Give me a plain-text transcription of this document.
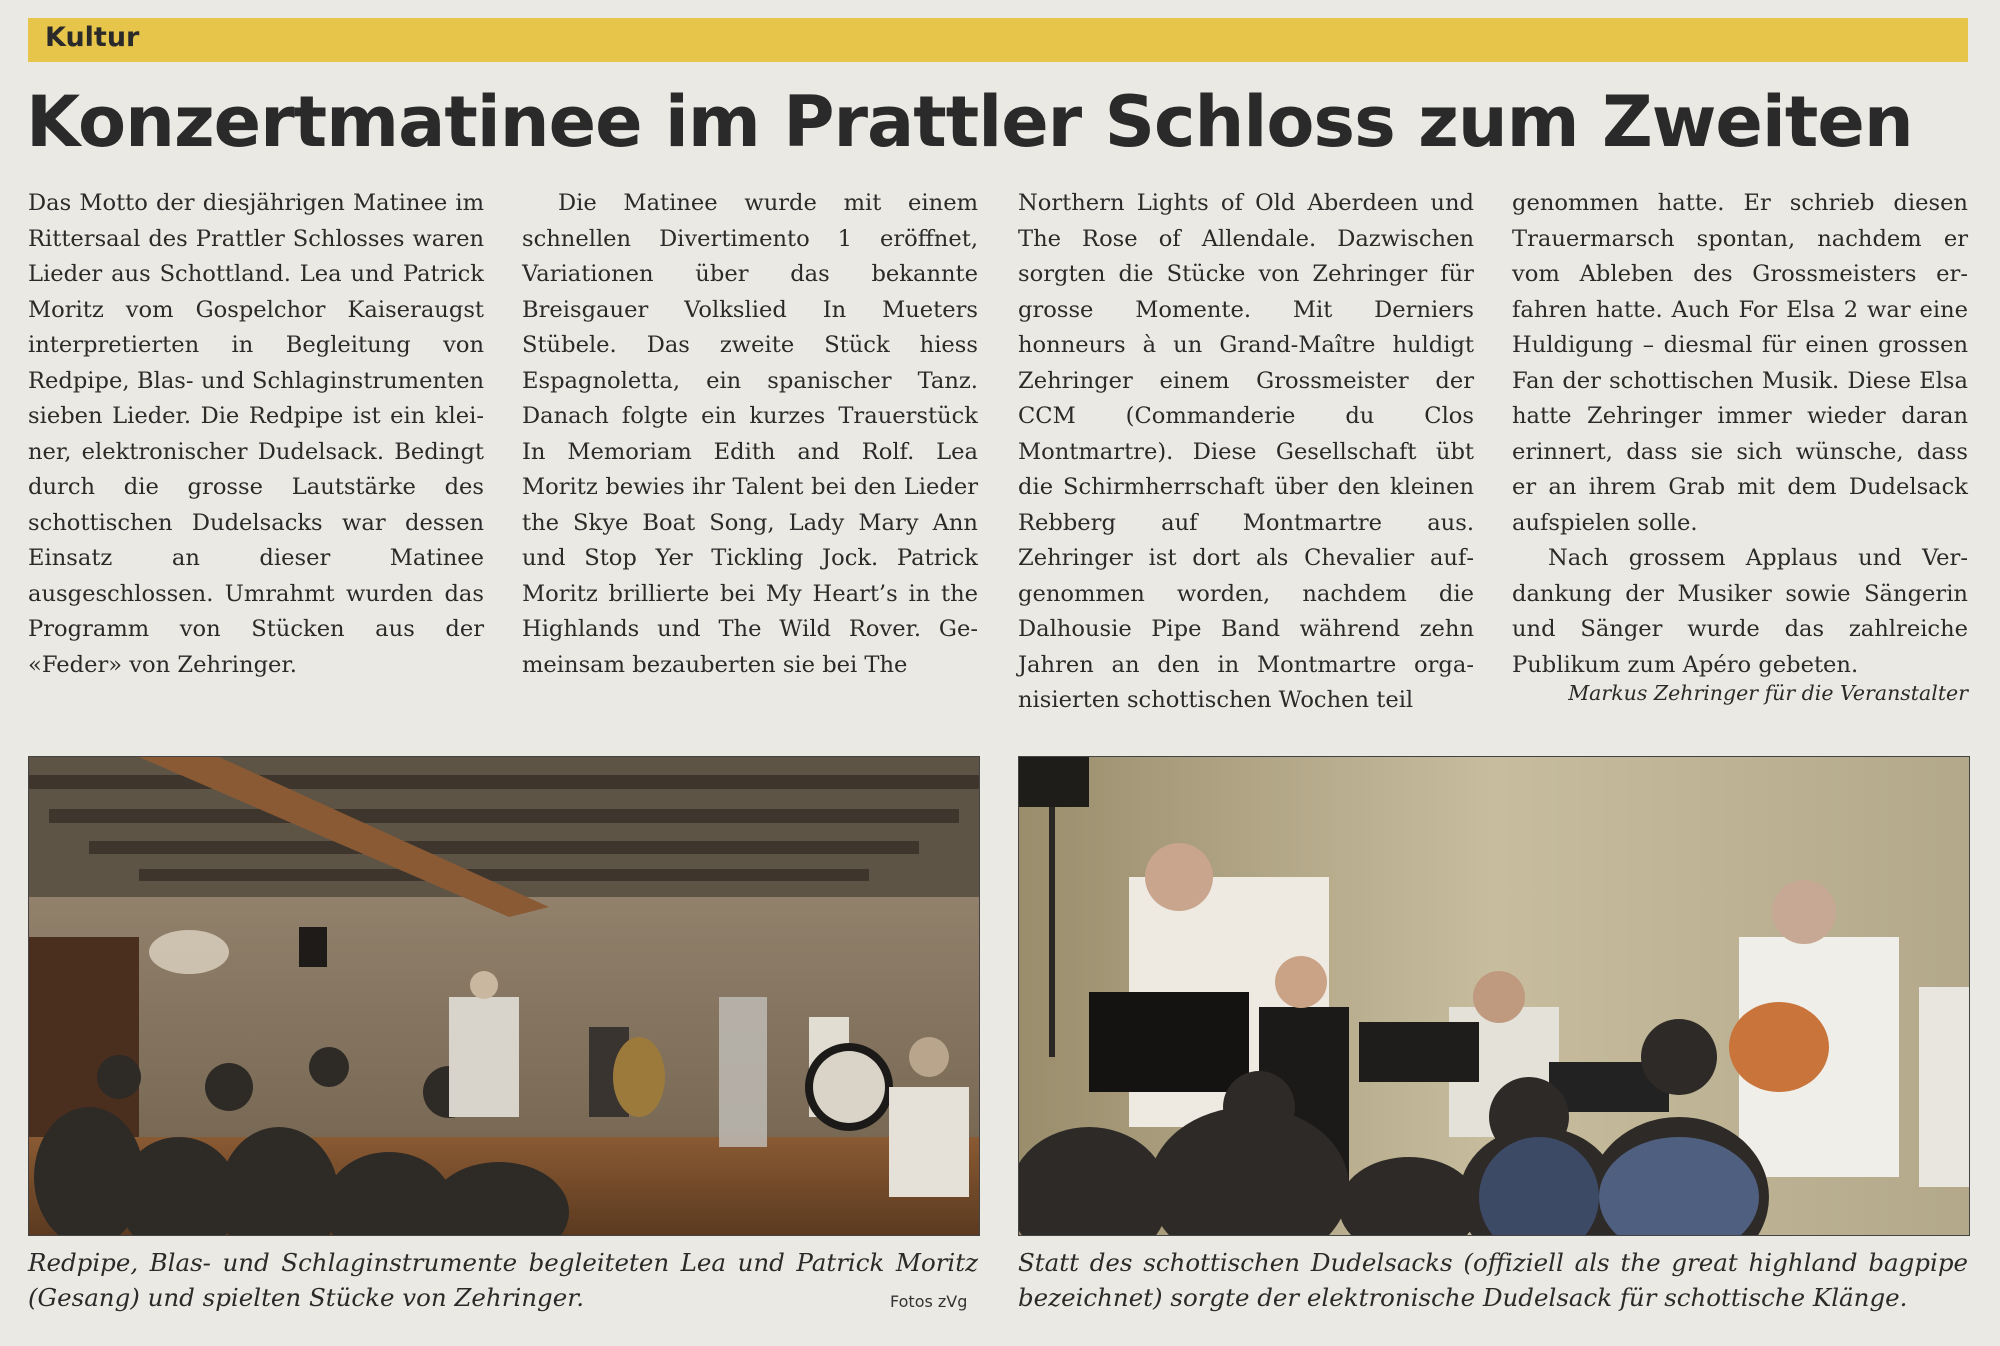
Kultur
Konzertmatinee im Prattler Schloss zum Zweiten

Das Motto der diesjährigen Matinee im Rittersaal des Prattler Schlosses waren Lieder aus Schottland. Lea und Patrick Moritz vom Gospelchor Kaiseraugst interpretierten in Begleitung von Redpipe, Blas- und Schlaginstrumenten sieben Lieder. Die Redpipe ist ein kleiner, elektronischer Dudelsack. Bedingt durch die grosse Lautstärke des schottischen Dudelsacks war dessen Einsatz an dieser Matinee ausgeschlossen. Umrahmt wurden das Programm von Stücken aus der «Feder» von Zehringer.

Die Matinee wurde mit einem schnellen Divertimento 1 eröffnet, Variationen über das bekannte Breisgauer Volkslied In Mueters Stübele. Das zweite Stück hiess Espagnoletta, ein spanischer Tanz. Danach folgte ein kurzes Trauerstück In Memoriam Edith and Rolf. Lea Moritz bewies ihr Talent bei den Lieder the Skye Boat Song, Lady Mary Ann und Stop Yer Tickling Jock. Patrick Moritz brillierte bei My Heart’s in the Highlands und The Wild Rover. Gemeinsam bezauberten sie bei The

Northern Lights of Old Aberdeen und The Rose of Allendale. Dazwischen sorgten die Stücke von Zehringer für grosse Momente. Mit Derniers honneurs à un Grand-Maître huldigt Zehringer einem Grossmeister der CCM (Commanderie du Clos Montmartre). Diese Gesellschaft übt die Schirmherrschaft über den kleinen Rebberg auf Montmartre aus. Zehringer ist dort als Chevalier aufgenommen worden, nachdem die Dalhousie Pipe Band während zehn Jahren an den in Montmartre organisierten schottischen Wochen teil

genommen hatte. Er schrieb diesen Trauermarsch spontan, nachdem er vom Ableben des Grossmeisters erfahren hatte. Auch For Elsa 2 war eine Huldigung – diesmal für einen grossen Fan der schottischen Musik. Diese Elsa hatte Zehringer immer wieder daran erinnert, dass sie sich wünsche, dass er an ihrem Grab mit dem Dudelsack aufspielen solle.

Nach grossem Applaus und Verdankung der Musiker sowie Sängerin und Sänger wurde das zahlreiche Publikum zum Apéro gebeten.

Markus Zehringer für die Veranstalter
Redpipe, Blas- und Schlaginstrumente begleiteten Lea und Patrick Moritz (Gesang) und spielten Stücke von Zehringer.	Fotos zVg
Statt des schottischen Dudelsacks (offiziell als the great highland bagpipe bezeichnet) sorgte der elektronische Dudelsack für schottische Klänge.
